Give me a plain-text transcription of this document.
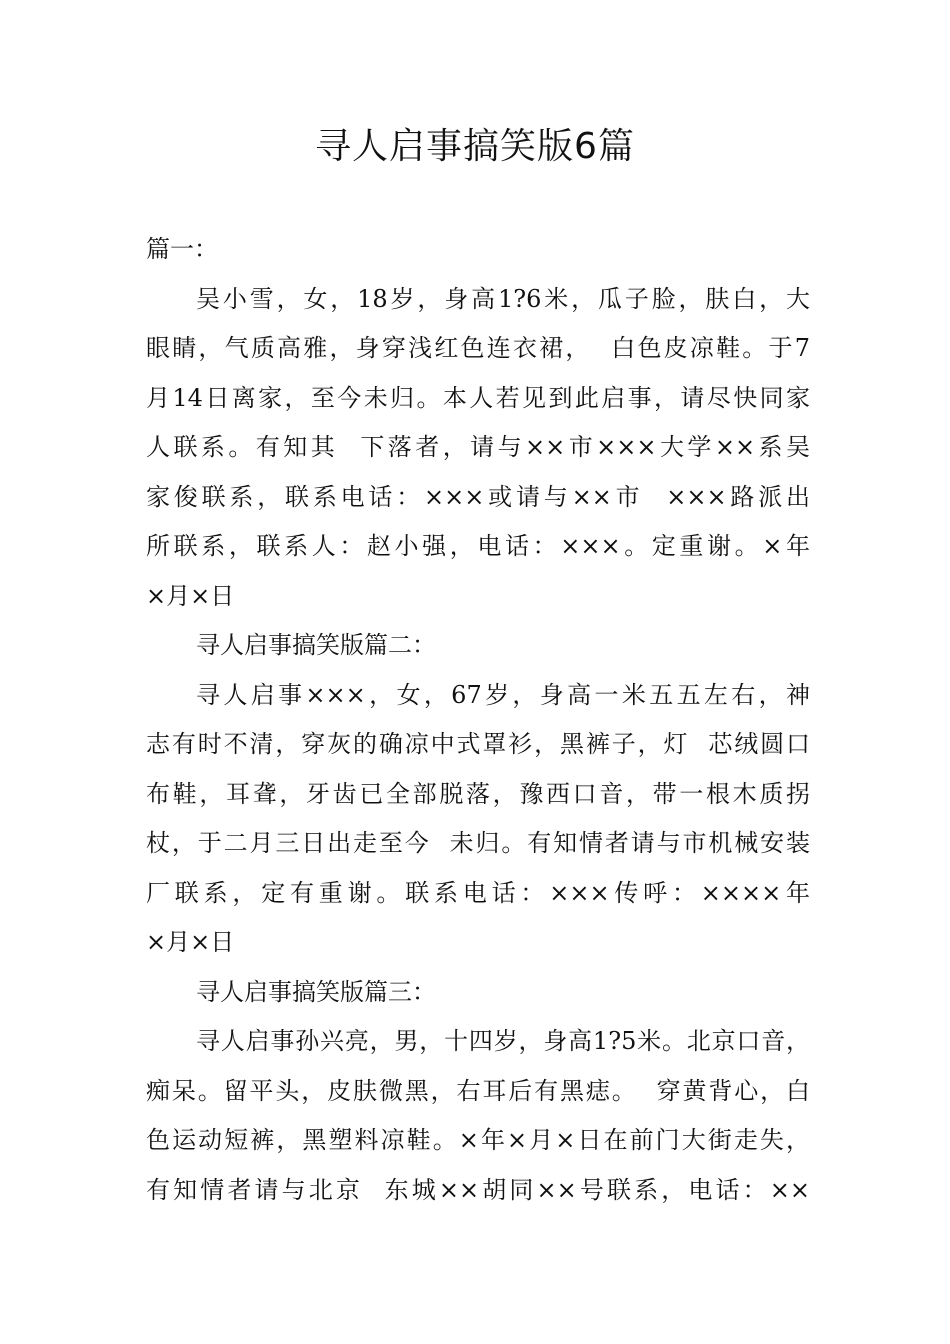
寻人启事搞笑版6篇
篇一：
吴小雪，女，18岁，身高1?6米，瓜子脸，肤白，大
眼睛，气质高雅，身穿浅红色连衣裙，  白色皮凉鞋。于7
月14日离家，至今未归。本人若见到此启事，请尽快同家
人联系。有知其  下落者，请与××市×××大学××系吴
家俊联系，联系电话：×××或请与××市  ×××路派出
所联系，联系人：赵小强，电话：×××。定重谢。×年
×月×日
寻人启事搞笑版篇二：
寻人启事×××，女，67岁，身高一米五五左右，神
志有时不清，穿灰的确凉中式罩衫，黑裤子，灯  芯绒圆口
布鞋，耳聋，牙齿已全部脱落，豫西口音，带一根木质拐
杖，于二月三日出走至今  未归。有知情者请与市机械安装
厂联系，定有重谢。联系电话：×××传呼：××××年
×月×日
寻人启事搞笑版篇三：
寻人启事孙兴亮，男，十四岁，身高1?5米。北京口音，
痴呆。留平头，皮肤微黑，右耳后有黑痣。  穿黄背心，白
色运动短裤，黑塑料凉鞋。×年×月×日在前门大街走失，
有知情者请与北京  东城××胡同××号联系，电话：××
